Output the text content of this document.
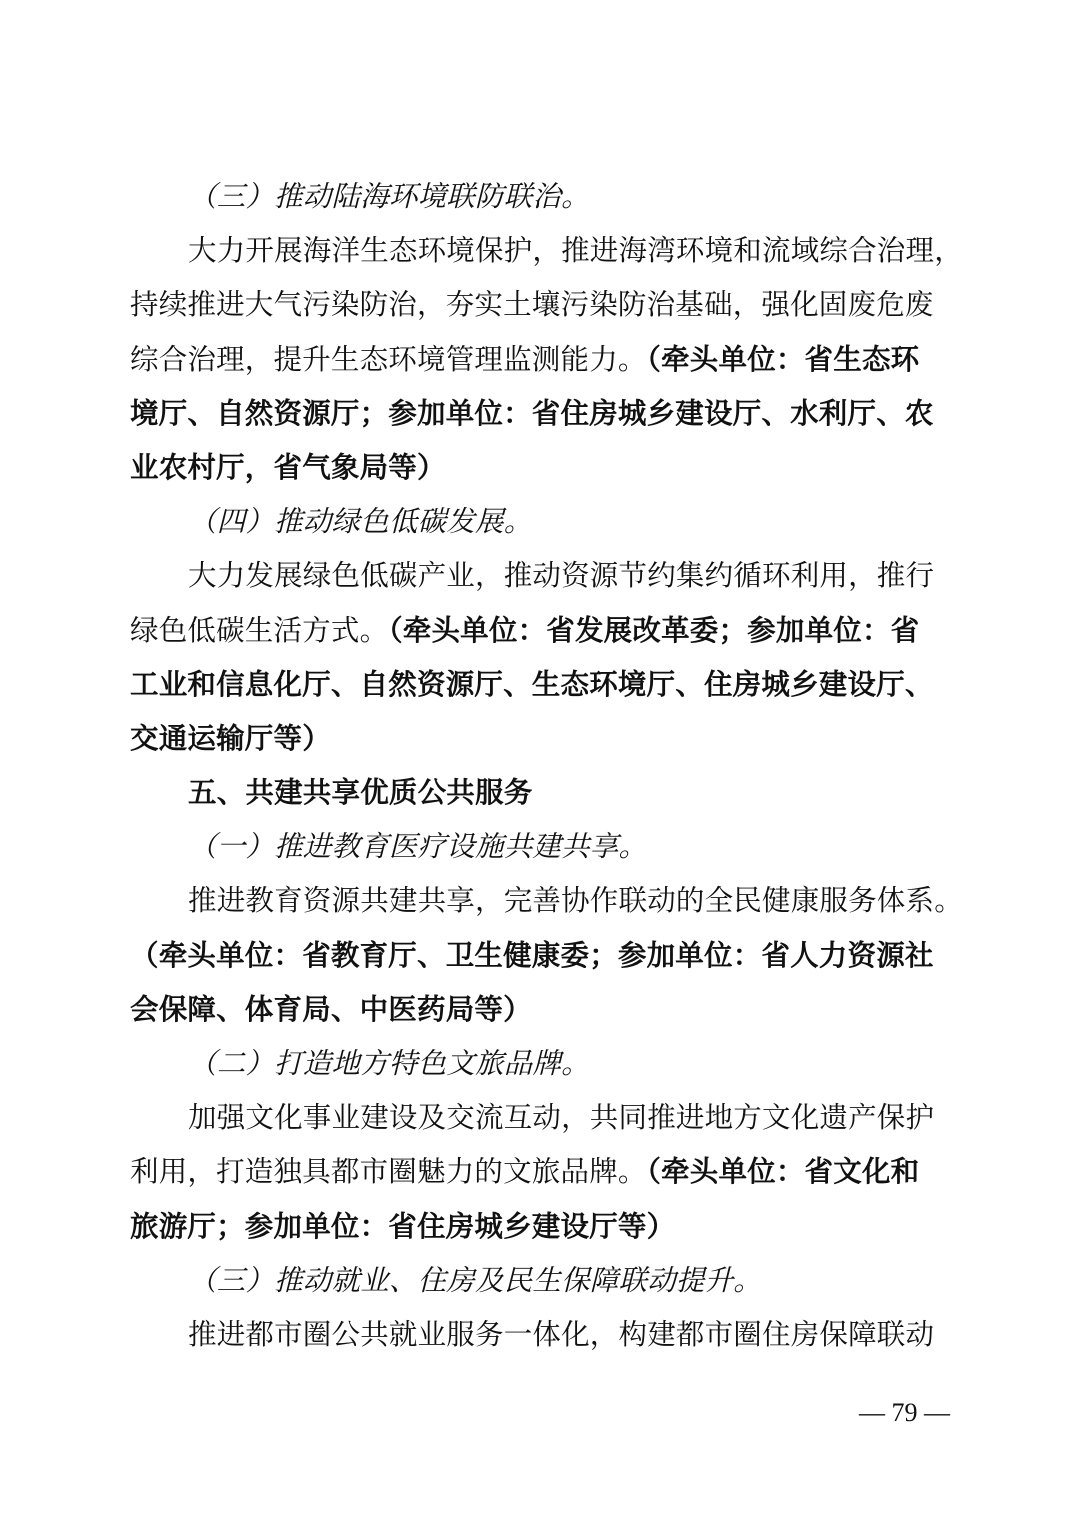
（三）推动陆海环境联防联治。
大力开展海洋生态环境保护，推进海湾环境和流域综合治理，
持续推进大气污染防治，夯实土壤污染防治基础，强化固废危废
综合治理，提升生态环境管理监测能力。（牵头单位：省生态环
境厅、自然资源厅；参加单位：省住房城乡建设厅、水利厅、农
业农村厅，省气象局等）
（四）推动绿色低碳发展。
大力发展绿色低碳产业，推动资源节约集约循环利用，推行
绿色低碳生活方式。（牵头单位：省发展改革委；参加单位：省
工业和信息化厅、自然资源厅、生态环境厅、住房城乡建设厅、
交通运输厅等）
五、共建共享优质公共服务
（一）推进教育医疗设施共建共享。
推进教育资源共建共享，完善协作联动的全民健康服务体系。
（牵头单位：省教育厅、卫生健康委；参加单位：省人力资源社
会保障、体育局、中医药局等）
（二）打造地方特色文旅品牌。
加强文化事业建设及交流互动，共同推进地方文化遗产保护
利用，打造独具都市圈魅力的文旅品牌。（牵头单位：省文化和
旅游厅；参加单位：省住房城乡建设厅等）
（三）推动就业、住房及民生保障联动提升。
推进都市圈公共就业服务一体化，构建都市圈住房保障联动
— 79 —
